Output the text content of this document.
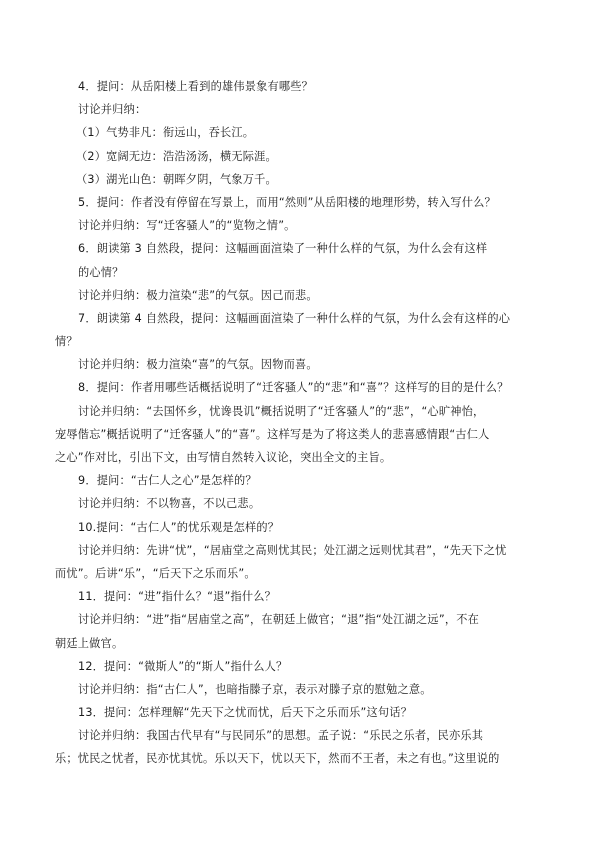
4．提问：从岳阳楼上看到的雄伟景象有哪些？
讨论并归纳：
（1）气势非凡：衔远山，吞长江。
（2）宽阔无边：浩浩汤汤，横无际涯。
（3）湖光山色：朝晖夕阴，气象万千。
5．提问：作者没有停留在写景上，而用“然则”从岳阳楼的地理形势，转入写什么？
讨论并归纳：写“迁客骚人”的“览物之情”。
6．朗读第 3 自然段，提问：这幅画面渲染了一种什么样的气氛，为什么会有这样
的心情？
讨论并归纳：极力渲染“悲”的气氛。因己而悲。
7．朗读第 4 自然段，提问：这幅画面渲染了一种什么样的气氛，为什么会有这样的心
情？
讨论并归纳：极力渲染“喜”的气氛。因物而喜。
8．提问：作者用哪些话概括说明了“迁客骚人”的“悲”和“喜”？这样写的目的是什么？
讨论并归纳：“去国怀乡，忧谗畏讥”概括说明了“迁客骚人”的“悲”，“心旷神怡，
宠辱偕忘”概括说明了“迁客骚人”的“喜”。这样写是为了将这类人的悲喜感情跟“古仁人
之心”作对比，引出下文，由写情自然转入议论，突出全文的主旨。
9．提问：“古仁人之心”是怎样的？
讨论并归纳：不以物喜，不以己悲。
10.提问：“古仁人”的忧乐观是怎样的？
讨论并归纳：先讲“忧”，“居庙堂之高则忧其民；处江湖之远则忧其君”，“先天下之忧
而忧”。后讲“乐”，“后天下之乐而乐”。
11．提问：“进”指什么？“退”指什么？
讨论并归纳：“进”指“居庙堂之高”，在朝廷上做官；“退”指“处江湖之远”，不在
朝廷上做官。
12．提问：“微斯人”的“斯人”指什么人？
讨论并归纳：指“古仁人”，也暗指滕子京，表示对滕子京的慰勉之意。
13．提问：怎样理解“先天下之忧而忧，后天下之乐而乐”这句话？
讨论并归纳：我国古代早有“与民同乐”的思想。孟子说：“乐民之乐者，民亦乐其
乐；忧民之忧者，民亦忧其忧。乐以天下，忧以天下，然而不王者，未之有也。”这里说的
